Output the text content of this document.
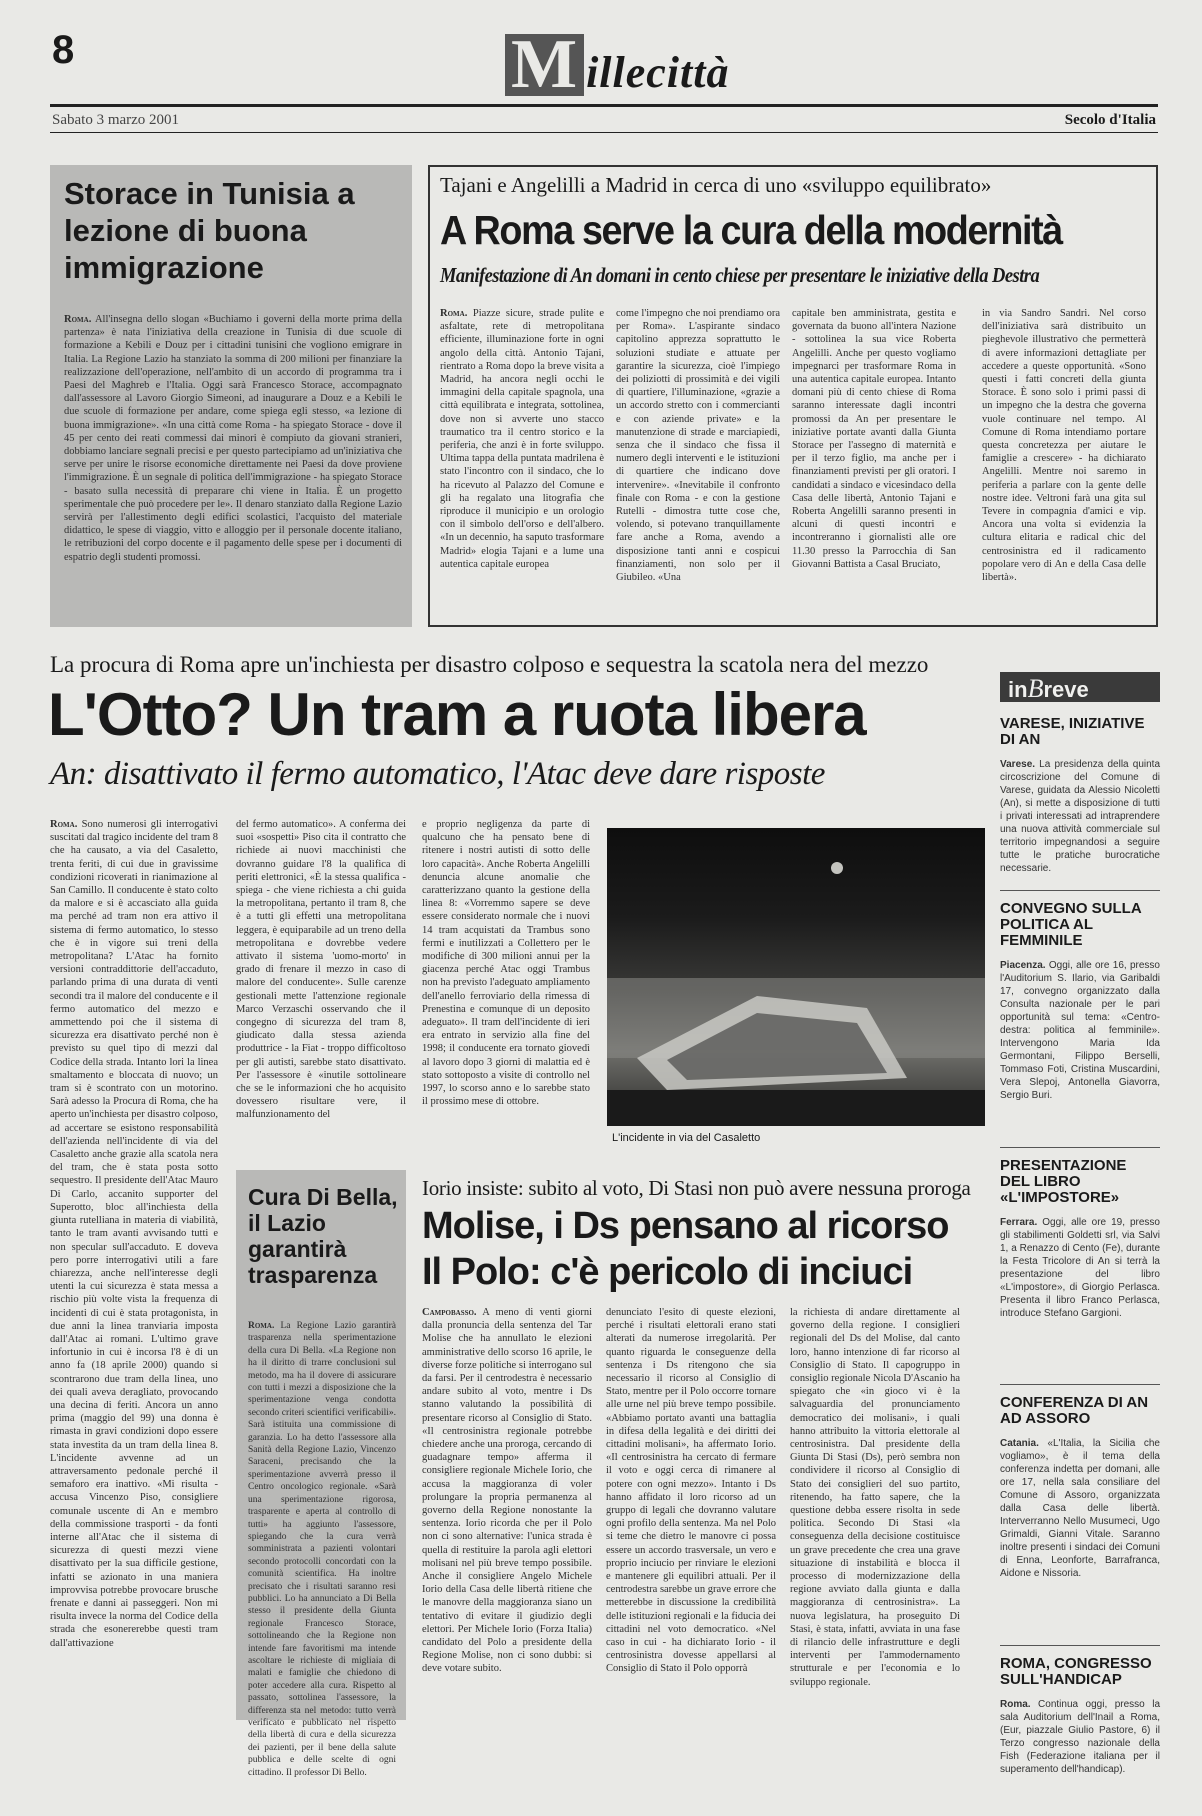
8	M illecittà
Sabato 3 marzo 2001	Secolo d'Italia
Storace in Tunisia a lezione di buona immigrazione
Roma. All'insegna dello slogan «Buchiamo i governi della morte prima della partenza» è nata l'iniziativa della creazione in Tunisia di due scuole di formazione a Kebili e Douz per i cittadini tunisini che vogliono emigrare in Italia. La Regione Lazio ha stanziato la somma di 200 milioni per finanziare la realizzazione dell'operazione, nell'ambito di un accordo di programma tra i Paesi del Maghreb e l'Italia. Oggi sarà Francesco Storace, accompagnato dall'assessore al Lavoro Giorgio Simeoni, ad inaugurare a Douz e a Kebili le due scuole di formazione per andare, come spiega egli stesso, «a lezione di buona immigrazione». «In una città come Roma - ha spiegato Storace - dove il 45 per cento dei reati commessi dai minori è compiuto da giovani stranieri, dobbiamo lanciare segnali precisi e per questo partecipiamo ad un'iniziativa che serve per unire le risorse economiche direttamente nei Paesi da dove proviene l'immigrazione. È un segnale di politica dell'immigrazione - ha spiegato Storace - basato sulla necessità di preparare chi viene in Italia. È un progetto sperimentale che può procedere per le». Il denaro stanziato dalla Regione Lazio servirà per l'allestimento degli edifici scolastici, l'acquisto del materiale didattico, le spese di viaggio, vitto e alloggio per il personale docente italiano, le retribuzioni del corpo docente e il pagamento delle spese per i documenti di espatrio degli studenti promossi.
Tajani e Angelilli a Madrid in cerca di uno «sviluppo equilibrato»
A Roma serve la cura della modernità
Manifestazione di An domani in cento chiese per presentare le iniziative della Destra
Roma. Piazze sicure, strade pulite e asfaltate, rete di metropolitana efficiente, illuminazione forte in ogni angolo della città. Antonio Tajani, rientrato a Roma dopo la breve visita a Madrid, ha ancora negli occhi le immagini della capitale spagnola, una città equilibrata e integrata, sottolinea, dove non si avverte uno stacco traumatico tra il centro storico e la periferia, che anzi è in forte sviluppo. Ultima tappa della puntata madrilena è stato l'incontro con il sindaco, che lo ha ricevuto al Palazzo del Comune e gli ha regalato una litografia che riproduce il municipio e un orologio con il simbolo dell'orso e dell'albero. «In un decennio, ha saputo trasformare Madrid» elogia Tajani e a lume una autentica capitale europea
come l'impegno che noi prendiamo ora per Roma». L'aspirante sindaco capitolino apprezza soprattutto le soluzioni studiate e attuate per garantire la sicurezza, cioè l'impiego dei poliziotti di prossimità e dei vigili di quartiere, l'illuminazione, «grazie a un accordo stretto con i commercianti e con aziende private» e la manutenzione di strade e marciapiedi, senza che il sindaco che fissa il numero degli interventi e le istituzioni di quartiere che indicano dove intervenire». «Inevitabile il confronto finale con Roma - e con la gestione Rutelli - dimostra tutte cose che, volendo, si potevano tranquillamente fare anche a Roma, avendo a disposizione tanti anni e cospicui finanziamenti, non solo per il Giubileo. «Una
capitale ben amministrata, gestita e governata da buono all'intera Nazione - sottolinea la sua vice Roberta Angelilli. Anche per questo vogliamo impegnarci per trasformare Roma in una autentica capitale europea. Intanto domani più di cento chiese di Roma saranno interessate dagli incontri promossi da An per presentare le iniziative portate avanti dalla Giunta Storace per l'assegno di maternità e per il terzo figlio, ma anche per i finanziamenti previsti per gli oratori. I candidati a sindaco e vicesindaco della Casa delle libertà, Antonio Tajani e Roberta Angelilli saranno presenti in alcuni di questi incontri e incontreranno i giornalisti alle ore 11.30 presso la Parrocchia di San Giovanni Battista a Casal Bruciato,
in via Sandro Sandri. Nel corso dell'iniziativa sarà distribuito un pieghevole illustrativo che permetterà di avere informazioni dettagliate per accedere a queste opportunità. «Sono questi i fatti concreti della giunta Storace. È sono solo i primi passi di un impegno che la destra che governa vuole continuare nel tempo. Al Comune di Roma intendiamo portare questa concretezza per aiutare le famiglie a crescere» - ha dichiarato Angelilli. Mentre noi saremo in periferia a parlare con la gente delle nostre idee. Veltroni farà una gita sul Tevere in compagnia d'amici e vip. Ancora una volta si evidenzia la cultura elitaria e radical chic del centrosinistra ed il radicamento popolare vero di An e della Casa delle libertà».
La procura di Roma apre un'inchiesta per disastro colposo e sequestra la scatola nera del mezzo
L'Otto? Un tram a ruota libera
An: disattivato il fermo automatico, l'Atac deve dare risposte
Roma. Sono numerosi gli interrogativi suscitati dal tragico incidente del tram 8 che ha causato, a via del Casaletto, trenta feriti, di cui due in gravissime condizioni ricoverati in rianimazione al San Camillo. Il conducente è stato colto da malore e si è accasciato alla guida ma perché ad tram non era attivo il sistema di fermo automatico, lo stesso che è in vigore sui treni della metropolitana? L'Atac ha fornito versioni contraddittorie dell'accaduto, parlando prima di una durata di venti secondi tra il malore del conducente e il fermo automatico del mezzo e ammettendo poi che il sistema di sicurezza era disattivato perché non è previsto su quel tipo di mezzi dal Codice della strada. Intanto lori la linea smaltamento e bloccata di nuovo; un tram si è scontrato con un motorino. Sarà adesso la Procura di Roma, che ha aperto un'inchiesta per disastro colposo, ad accertare se esistono responsabilità dell'azienda nell'incidente di via del Casaletto anche grazie alla scatola nera del tram, che è stata posta sotto sequestro. Il presidente dell'Atac Mauro Di Carlo, accanito supporter del Superotto, bloc all'inchiesta della giunta rutelliana in materia di viabilità, tanto le tram avanti avvisando tutti e non specular sull'accaduto. E doveva pero porre interrogativi utili a fare chiarezza, anche nell'interesse degli utenti la cui sicurezza è stata messa a rischio più volte vista la frequenza di incidenti di cui è stata protagonista, in due anni la linea tranviaria imposta dall'Atac ai romani. L'ultimo grave infortunio in cui è incorsa l'8 è di un anno fa (18 aprile 2000) quando si scontrarono due tram della linea, uno dei quali aveva deragliato, provocando una decina di feriti. Ancora un anno prima (maggio del 99) una donna è rimasta in gravi condizioni dopo essere stata investita da un tram della linea 8. L'incidente avvenne ad un attraversamento pedonale perché il semaforo era inattivo. «Mi risulta - accusa Vincenzo Piso, consigliere comunale uscente di An e membro della commissione trasporti - da fonti interne all'Atac che il sistema di sicurezza di questi mezzi viene disattivato per la sua difficile gestione, infatti se azionato in una maniera improvvisa potrebbe provocare brusche frenate e danni ai passeggeri. Non mi risulta invece la norma del Codice della strada che esonererebbe questi tram dall'attivazione
del fermo automatico». A conferma dei suoi «sospetti» Piso cita il contratto che richiede ai nuovi macchinisti che dovranno guidare l'8 la qualifica di periti elettronici, «È la stessa qualifica - spiega - che viene richiesta a chi guida la metropolitana, pertanto il tram 8, che è a tutti gli effetti una metropolitana leggera, è equiparabile ad un treno della metropolitana e dovrebbe vedere attivato il sistema 'uomo-morto' in grado di frenare il mezzo in caso di malore del conducente». Sulle carenze gestionali mette l'attenzione regionale Marco Verzaschi osservando che il congegno di sicurezza del tram 8, giudicato dalla stessa azienda produttrice - la Fiat - troppo difficoltoso per gli autisti, sarebbe stato disattivato. Per l'assessore è «inutile sottolineare che se le informazioni che ho acquisito dovessero risultare vere, il malfunzionamento del
e proprio negligenza da parte di qualcuno che ha pensato bene di ritenere i nostri autisti di sotto delle loro capacità». Anche Roberta Angelilli denuncia alcune anomalie che caratterizzano quanto la gestione della linea 8: «Vorremmo sapere se deve essere considerato normale che i nuovi 14 tram acquistati da Trambus sono fermi e inutilizzati a Collettero per le modifiche di 300 milioni annui per la giacenza perché Atac oggi Trambus non ha previsto l'adeguato ampliamento dell'anello ferroviario della rimessa di Prenestina e comunque di un deposito adeguato». Il tram dell'incidente di ieri era entrato in servizio alla fine del 1998; il conducente era tornato giovedì al lavoro dopo 3 giorni di malattia ed è stato sottoposto a visite di controllo nel 1997, lo scorso anno e lo sarebbe stato il prossimo mese di ottobre.
L'incidente in via del Casaletto
Cura Di Bella, il Lazio garantirà trasparenza
Roma. La Regione Lazio garantirà trasparenza nella sperimentazione della cura Di Bella. «La Regione non ha il diritto di trarre conclusioni sul metodo, ma ha il dovere di assicurare con tutti i mezzi a disposizione che la sperimentazione venga condotta secondo criteri scientifici verificabili». Sarà istituita una commissione di garanzia. Lo ha detto l'assessore alla Sanità della Regione Lazio, Vincenzo Saraceni, precisando che la sperimentazione avverrà presso il Centro oncologico regionale. «Sarà una sperimentazione rigorosa, trasparente e aperta al controllo di tutti» ha aggiunto l'assessore, spiegando che la cura verrà somministrata a pazienti volontari secondo protocolli concordati con la comunità scientifica. Ha inoltre precisato che i risultati saranno resi pubblici. Lo ha annunciato a Di Bella stesso il presidente della Giunta regionale Francesco Storace, sottolineando che la Regione non intende fare favoritismi ma intende ascoltare le richieste di migliaia di malati e famiglie che chiedono di poter accedere alla cura. Rispetto al passato, sottolinea l'assessore, la differenza sta nel metodo: tutto verrà verificato e pubblicato nel rispetto della libertà di cura e della sicurezza dei pazienti, per il bene della salute pubblica e delle scelte di ogni cittadino. Il professor Di Bello.
Iorio insiste: subito al voto, Di Stasi non può avere nessuna proroga
Molise, i Ds pensano al ricorso
Il Polo: c'è pericolo di inciuci
Campobasso. A meno di venti giorni dalla pronuncia della sentenza del Tar Molise che ha annullato le elezioni amministrative dello scorso 16 aprile, le diverse forze politiche si interrogano sul da farsi. Per il centrodestra è necessario andare subito al voto, mentre i Ds stanno valutando la possibilità di presentare ricorso al Consiglio di Stato. «Il centrosinistra regionale potrebbe chiedere anche una proroga, cercando di guadagnare tempo» afferma il consigliere regionale Michele Iorio, che accusa la maggioranza di voler prolungare la propria permanenza al governo della Regione nonostante la sentenza. Iorio ricorda che per il Polo non ci sono alternative: l'unica strada è quella di restituire la parola agli elettori molisani nel più breve tempo possibile. Anche il consigliere Angelo Michele Iorio della Casa delle libertà ritiene che le manovre della maggioranza siano un tentativo di evitare il giudizio degli elettori. Per Michele Iorio (Forza Italia) candidato del Polo a presidente della Regione Molise, non ci sono dubbi: si deve votare subito.
denunciato l'esito di queste elezioni, perché i risultati elettorali erano stati alterati da numerose irregolarità. Per quanto riguarda le conseguenze della sentenza i Ds ritengono che sia necessario il ricorso al Consiglio di Stato, mentre per il Polo occorre tornare alle urne nel più breve tempo possibile. «Abbiamo portato avanti una battaglia in difesa della legalità e dei diritti dei cittadini molisani», ha affermato Iorio. «Il centrosinistra ha cercato di fermare il voto e oggi cerca di rimanere al potere con ogni mezzo». Intanto i Ds hanno affidato il loro ricorso ad un gruppo di legali che dovranno valutare ogni profilo della sentenza. Ma nel Polo si teme che dietro le manovre ci possa essere un accordo trasversale, un vero e proprio inciucio per rinviare le elezioni e mantenere gli equilibri attuali. Per il centrodestra sarebbe un grave errore che metterebbe in discussione la credibilità delle istituzioni regionali e la fiducia dei cittadini nel voto democratico. «Nel caso in cui - ha dichiarato Iorio - il centrosinistra dovesse appellarsi al Consiglio di Stato il Polo opporrà
la richiesta di andare direttamente al governo della regione. I consiglieri regionali del Ds del Molise, dal canto loro, hanno intenzione di far ricorso al Consiglio di Stato. Il capogruppo in consiglio regionale Nicola D'Ascanio ha spiegato che «in gioco vi è la salvaguardia del pronunciamento democratico dei molisani», i quali hanno attribuito la vittoria elettorale al centrosinistra. Dal presidente della Giunta Di Stasi (Ds), però sembra non condividere il ricorso al Consiglio di Stato dei consiglieri del suo partito, ritenendo, ha fatto sapere, che la questione debba essere risolta in sede politica. Secondo Di Stasi «la conseguenza della decisione costituisce un grave precedente che crea una grave situazione di instabilità e blocca il processo di modernizzazione della regione avviato dalla giunta e dalla maggioranza di centrosinistra». La nuova legislatura, ha proseguito Di Stasi, è stata, infatti, avviata in una fase di rilancio delle infrastrutture e degli interventi per l'ammodernamento strutturale e per l'economia e lo sviluppo regionale.
inBreve
VARESE, INIZIATIVE DI AN
Varese. La presidenza della quinta circoscrizione del Comune di Varese, guidata da Alessio Nicoletti (An), si mette a disposizione di tutti i privati interessati ad intraprendere una nuova attività commerciale sul territorio impegnandosi a seguire tutte le pratiche burocratiche necessarie.
CONVEGNO SULLA POLITICA AL FEMMINILE
Piacenza. Oggi, alle ore 16, presso l'Auditorium S. Ilario, via Garibaldi 17, convegno organizzato dalla Consulta nazionale per le pari opportunità sul tema: «Centro-destra: politica al femminile». Intervengono Maria Ida Germontani, Filippo Berselli, Tommaso Foti, Cristina Muscardini, Vera Slepoj, Antonella Giavorra, Sergio Buri.
PRESENTAZIONE DEL LIBRO «L'IMPOSTORE»
Ferrara. Oggi, alle ore 19, presso gli stabilimenti Goldetti srl, via Salvi 1, a Renazzo di Cento (Fe), durante la Festa Tricolore di An si terrà la presentazione del libro «L'impostore», di Giorgio Perlasca. Presenta il libro Franco Perlasca, introduce Stefano Gargioni.
CONFERENZA DI AN AD ASSORO
Catania. «L'Italia, la Sicilia che vogliamo», è il tema della conferenza indetta per domani, alle ore 17, nella sala consiliare del Comune di Assoro, organizzata dalla Casa delle libertà. Interverranno Nello Musumeci, Ugo Grimaldi, Gianni Vitale. Saranno inoltre presenti i sindaci dei Comuni di Enna, Leonforte, Barrafranca, Aidone e Nissoria.
ROMA, CONGRESSO SULL'HANDICAP
Roma. Continua oggi, presso la sala Auditorium dell'Inail a Roma, (Eur, piazzale Giulio Pastore, 6) il Terzo congresso nazionale della Fish (Federazione italiana per il superamento dell'handicap).
